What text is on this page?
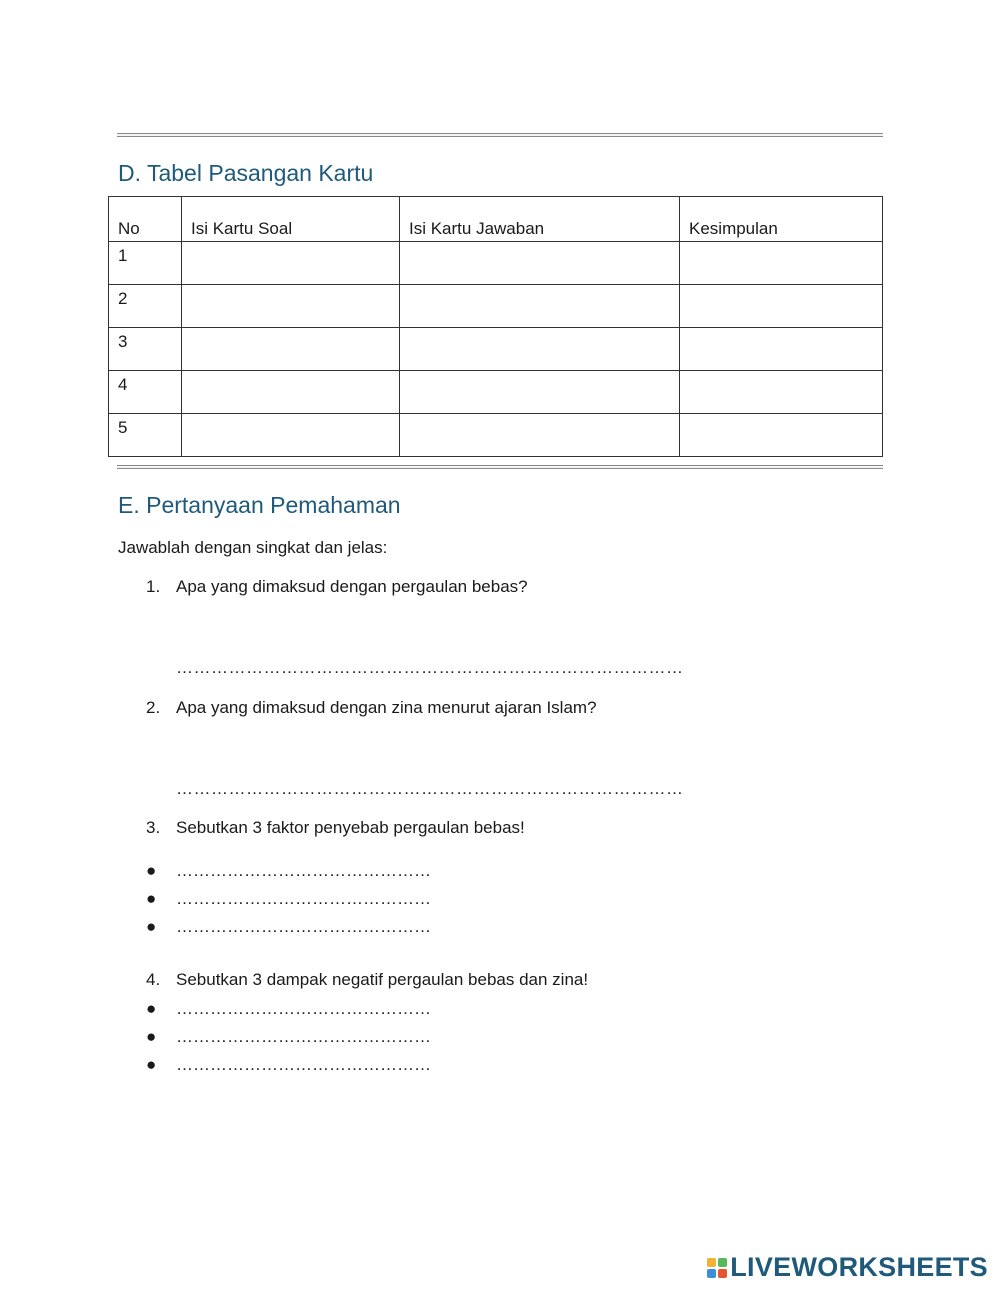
D. Tabel Pasangan Kartu
No	Isi Kartu Soal	Isi Kartu Jawaban	Kesimpulan
1			
2			
3			
4			
5			
E. Pertanyaan Pemahaman

Jawablah dengan singkat dan jelas:

1. Apa yang dimaksud dengan pergaulan bebas?
……………………………………………………………………………
2. Apa yang dimaksud dengan zina menurut ajaran Islam?
……………………………………………………………………………
3. Sebutkan 3 faktor penyebab pergaulan bebas!
● ………………………………………
● ………………………………………
● ………………………………………
4. Sebutkan 3 dampak negatif pergaulan bebas dan zina!
● ………………………………………
● ………………………………………
● ………………………………………
LIVEWORKSHEETS
